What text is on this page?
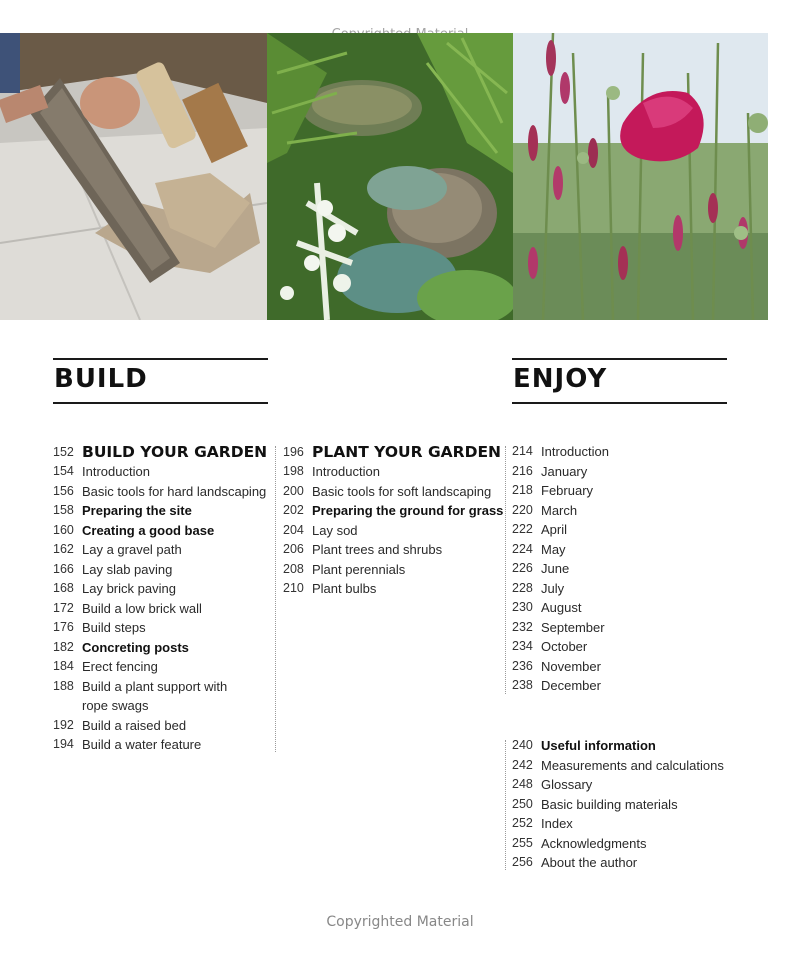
BUILD	ENJOY
152 BUILD YOUR GARDEN
154 Introduction
156 Basic tools for hard landscaping
158 Preparing the site
160 Creating a good base
162 Lay a gravel path
166 Lay slab paving
168 Lay brick paving
172 Build a low brick wall
176 Build steps
182 Concreting posts
184 Erect fencing
188 Build a plant support with
rope swags
192 Build a raised bed
194 Build a water feature
196 PLANT YOUR GARDEN
198 Introduction
200 Basic tools for soft landscaping
202 Preparing the ground for grass
204 Lay sod
206 Plant trees and shrubs
208 Plant perennials
210 Plant bulbs
214 Introduction
216 January
218 February
220 March
222 April
224 May
226 June
228 July
230 August
232 September
234 October
236 November
238 December
240 Useful information
242 Measurements and calculations
248 Glossary
250 Basic building materials
252 Index
255 Acknowledgments
256 About the author
Copyrighted Material
